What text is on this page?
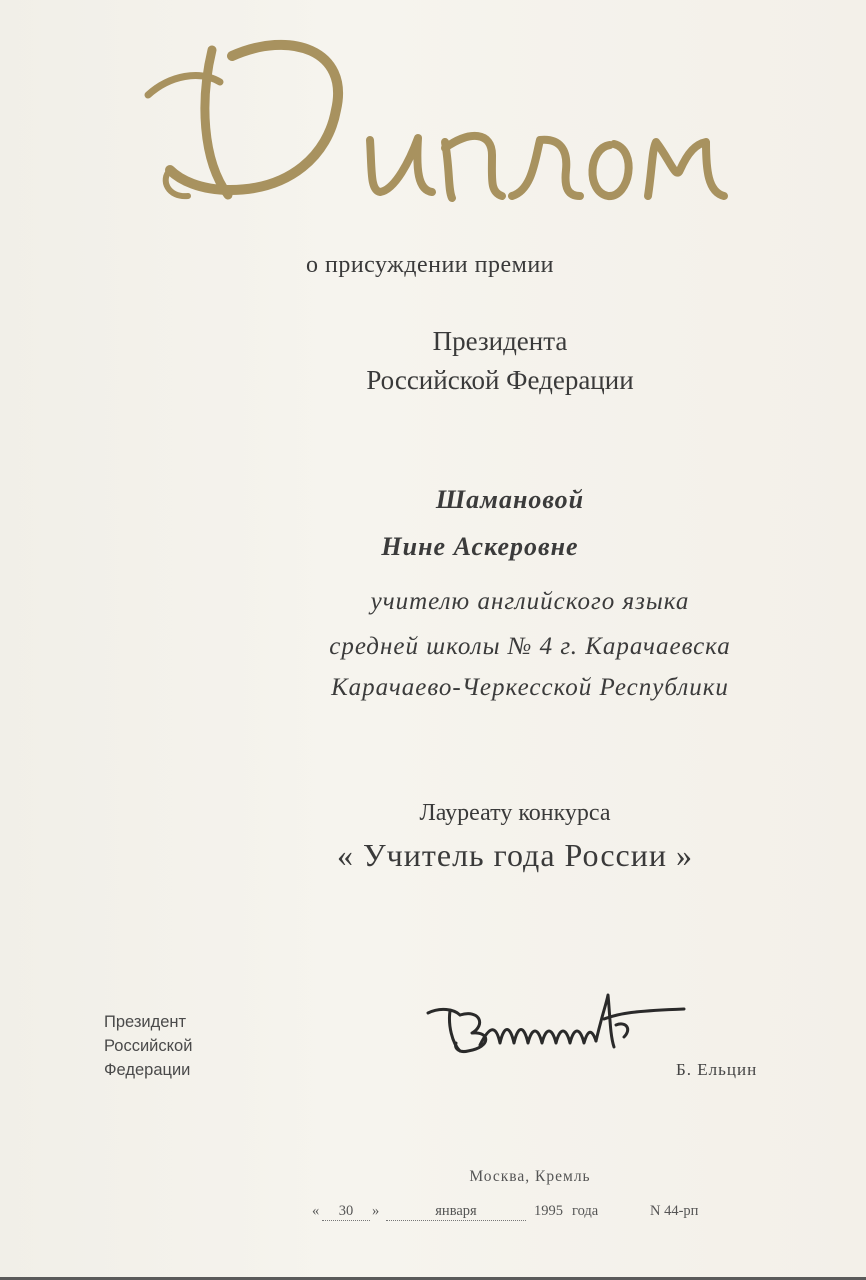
о присуждении премии
Президента
Российской Федерации
Шамановой
Нине Аскеровне
учителю английского языка
средней школы № 4 г. Карачаевска
Карачаево-Черкесской Республики
Лауреату конкурса
« Учитель года России »
Президент
Российской
Федерации	Б. Ельцин
Москва, Кремль
«	30	»	января	1995 года	N 44-рп
